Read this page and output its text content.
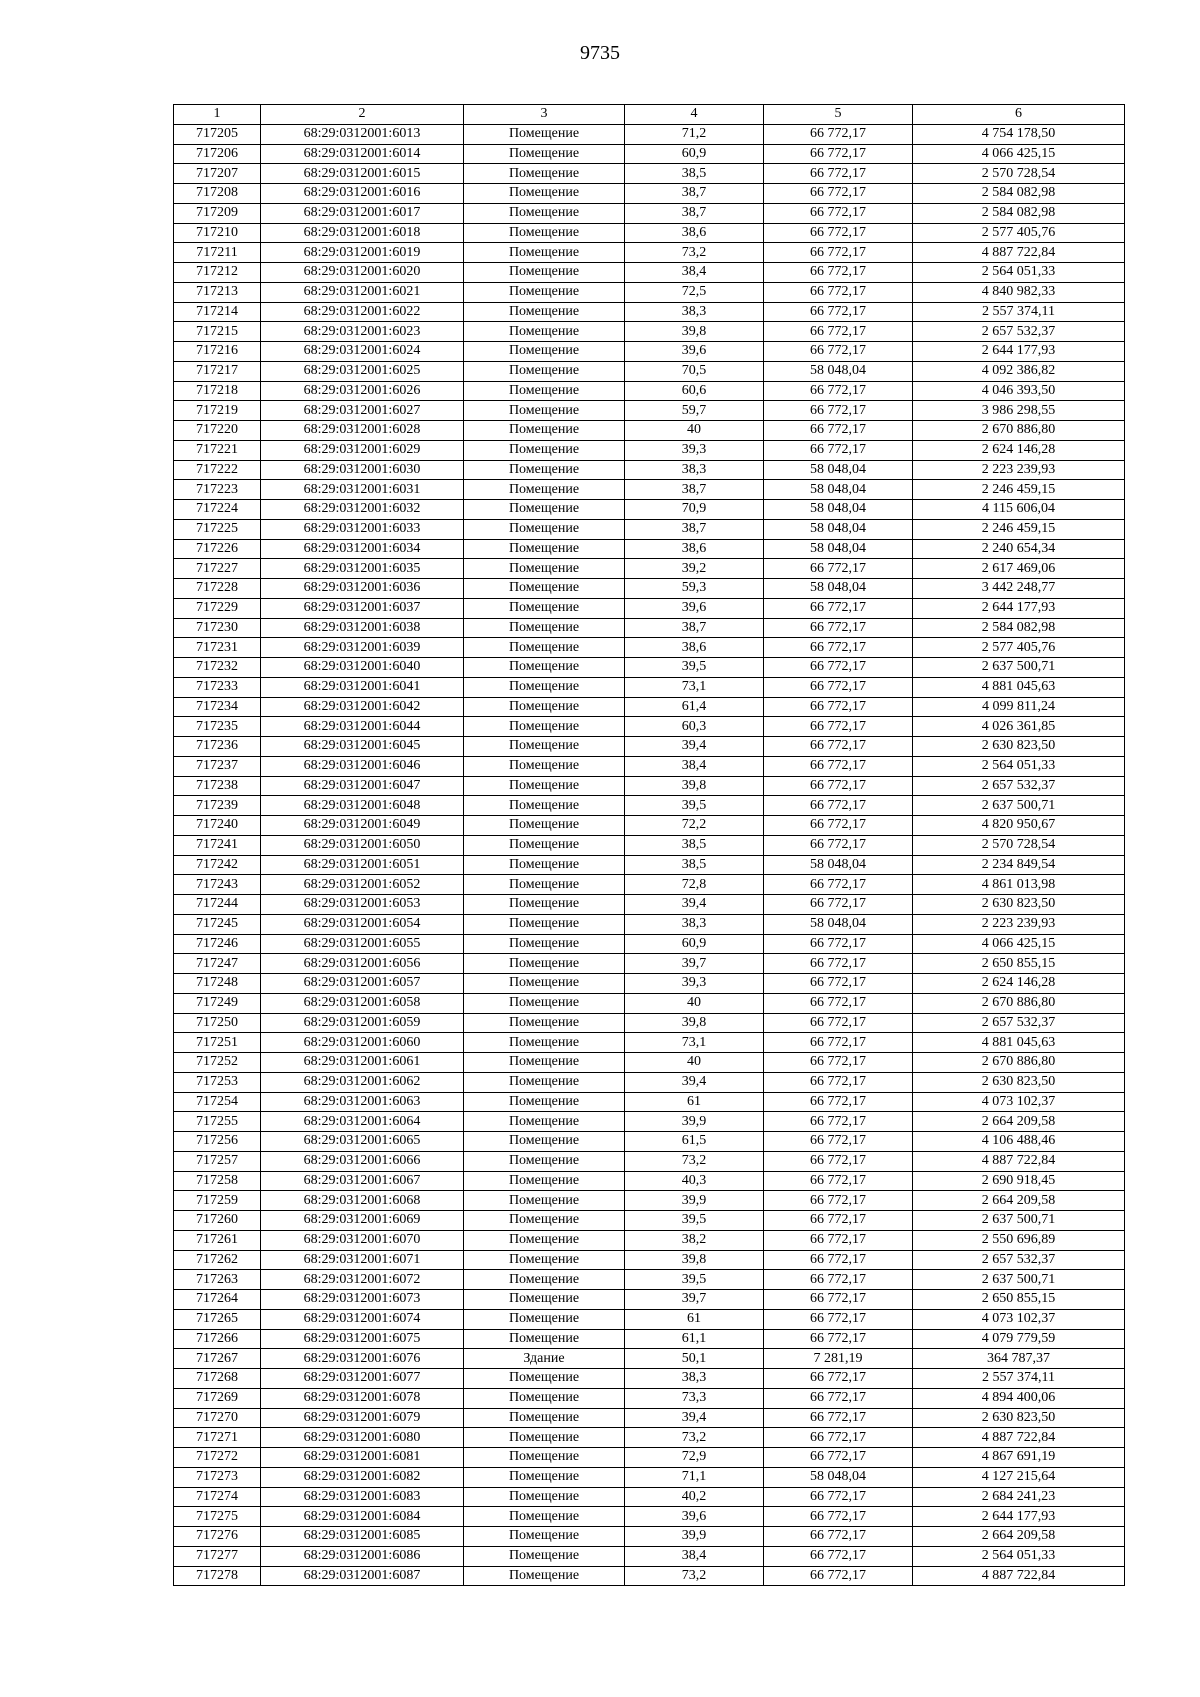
9735
1	2	3	4	5	6
717205	68:29:0312001:6013	Помещение	71,2	66 772,17	4 754 178,50
717206	68:29:0312001:6014	Помещение	60,9	66 772,17	4 066 425,15
717207	68:29:0312001:6015	Помещение	38,5	66 772,17	2 570 728,54
717208	68:29:0312001:6016	Помещение	38,7	66 772,17	2 584 082,98
717209	68:29:0312001:6017	Помещение	38,7	66 772,17	2 584 082,98
717210	68:29:0312001:6018	Помещение	38,6	66 772,17	2 577 405,76
717211	68:29:0312001:6019	Помещение	73,2	66 772,17	4 887 722,84
717212	68:29:0312001:6020	Помещение	38,4	66 772,17	2 564 051,33
717213	68:29:0312001:6021	Помещение	72,5	66 772,17	4 840 982,33
717214	68:29:0312001:6022	Помещение	38,3	66 772,17	2 557 374,11
717215	68:29:0312001:6023	Помещение	39,8	66 772,17	2 657 532,37
717216	68:29:0312001:6024	Помещение	39,6	66 772,17	2 644 177,93
717217	68:29:0312001:6025	Помещение	70,5	58 048,04	4 092 386,82
717218	68:29:0312001:6026	Помещение	60,6	66 772,17	4 046 393,50
717219	68:29:0312001:6027	Помещение	59,7	66 772,17	3 986 298,55
717220	68:29:0312001:6028	Помещение	40	66 772,17	2 670 886,80
717221	68:29:0312001:6029	Помещение	39,3	66 772,17	2 624 146,28
717222	68:29:0312001:6030	Помещение	38,3	58 048,04	2 223 239,93
717223	68:29:0312001:6031	Помещение	38,7	58 048,04	2 246 459,15
717224	68:29:0312001:6032	Помещение	70,9	58 048,04	4 115 606,04
717225	68:29:0312001:6033	Помещение	38,7	58 048,04	2 246 459,15
717226	68:29:0312001:6034	Помещение	38,6	58 048,04	2 240 654,34
717227	68:29:0312001:6035	Помещение	39,2	66 772,17	2 617 469,06
717228	68:29:0312001:6036	Помещение	59,3	58 048,04	3 442 248,77
717229	68:29:0312001:6037	Помещение	39,6	66 772,17	2 644 177,93
717230	68:29:0312001:6038	Помещение	38,7	66 772,17	2 584 082,98
717231	68:29:0312001:6039	Помещение	38,6	66 772,17	2 577 405,76
717232	68:29:0312001:6040	Помещение	39,5	66 772,17	2 637 500,71
717233	68:29:0312001:6041	Помещение	73,1	66 772,17	4 881 045,63
717234	68:29:0312001:6042	Помещение	61,4	66 772,17	4 099 811,24
717235	68:29:0312001:6044	Помещение	60,3	66 772,17	4 026 361,85
717236	68:29:0312001:6045	Помещение	39,4	66 772,17	2 630 823,50
717237	68:29:0312001:6046	Помещение	38,4	66 772,17	2 564 051,33
717238	68:29:0312001:6047	Помещение	39,8	66 772,17	2 657 532,37
717239	68:29:0312001:6048	Помещение	39,5	66 772,17	2 637 500,71
717240	68:29:0312001:6049	Помещение	72,2	66 772,17	4 820 950,67
717241	68:29:0312001:6050	Помещение	38,5	66 772,17	2 570 728,54
717242	68:29:0312001:6051	Помещение	38,5	58 048,04	2 234 849,54
717243	68:29:0312001:6052	Помещение	72,8	66 772,17	4 861 013,98
717244	68:29:0312001:6053	Помещение	39,4	66 772,17	2 630 823,50
717245	68:29:0312001:6054	Помещение	38,3	58 048,04	2 223 239,93
717246	68:29:0312001:6055	Помещение	60,9	66 772,17	4 066 425,15
717247	68:29:0312001:6056	Помещение	39,7	66 772,17	2 650 855,15
717248	68:29:0312001:6057	Помещение	39,3	66 772,17	2 624 146,28
717249	68:29:0312001:6058	Помещение	40	66 772,17	2 670 886,80
717250	68:29:0312001:6059	Помещение	39,8	66 772,17	2 657 532,37
717251	68:29:0312001:6060	Помещение	73,1	66 772,17	4 881 045,63
717252	68:29:0312001:6061	Помещение	40	66 772,17	2 670 886,80
717253	68:29:0312001:6062	Помещение	39,4	66 772,17	2 630 823,50
717254	68:29:0312001:6063	Помещение	61	66 772,17	4 073 102,37
717255	68:29:0312001:6064	Помещение	39,9	66 772,17	2 664 209,58
717256	68:29:0312001:6065	Помещение	61,5	66 772,17	4 106 488,46
717257	68:29:0312001:6066	Помещение	73,2	66 772,17	4 887 722,84
717258	68:29:0312001:6067	Помещение	40,3	66 772,17	2 690 918,45
717259	68:29:0312001:6068	Помещение	39,9	66 772,17	2 664 209,58
717260	68:29:0312001:6069	Помещение	39,5	66 772,17	2 637 500,71
717261	68:29:0312001:6070	Помещение	38,2	66 772,17	2 550 696,89
717262	68:29:0312001:6071	Помещение	39,8	66 772,17	2 657 532,37
717263	68:29:0312001:6072	Помещение	39,5	66 772,17	2 637 500,71
717264	68:29:0312001:6073	Помещение	39,7	66 772,17	2 650 855,15
717265	68:29:0312001:6074	Помещение	61	66 772,17	4 073 102,37
717266	68:29:0312001:6075	Помещение	61,1	66 772,17	4 079 779,59
717267	68:29:0312001:6076	Здание	50,1	7 281,19	364 787,37
717268	68:29:0312001:6077	Помещение	38,3	66 772,17	2 557 374,11
717269	68:29:0312001:6078	Помещение	73,3	66 772,17	4 894 400,06
717270	68:29:0312001:6079	Помещение	39,4	66 772,17	2 630 823,50
717271	68:29:0312001:6080	Помещение	73,2	66 772,17	4 887 722,84
717272	68:29:0312001:6081	Помещение	72,9	66 772,17	4 867 691,19
717273	68:29:0312001:6082	Помещение	71,1	58 048,04	4 127 215,64
717274	68:29:0312001:6083	Помещение	40,2	66 772,17	2 684 241,23
717275	68:29:0312001:6084	Помещение	39,6	66 772,17	2 644 177,93
717276	68:29:0312001:6085	Помещение	39,9	66 772,17	2 664 209,58
717277	68:29:0312001:6086	Помещение	38,4	66 772,17	2 564 051,33
717278	68:29:0312001:6087	Помещение	73,2	66 772,17	4 887 722,84
